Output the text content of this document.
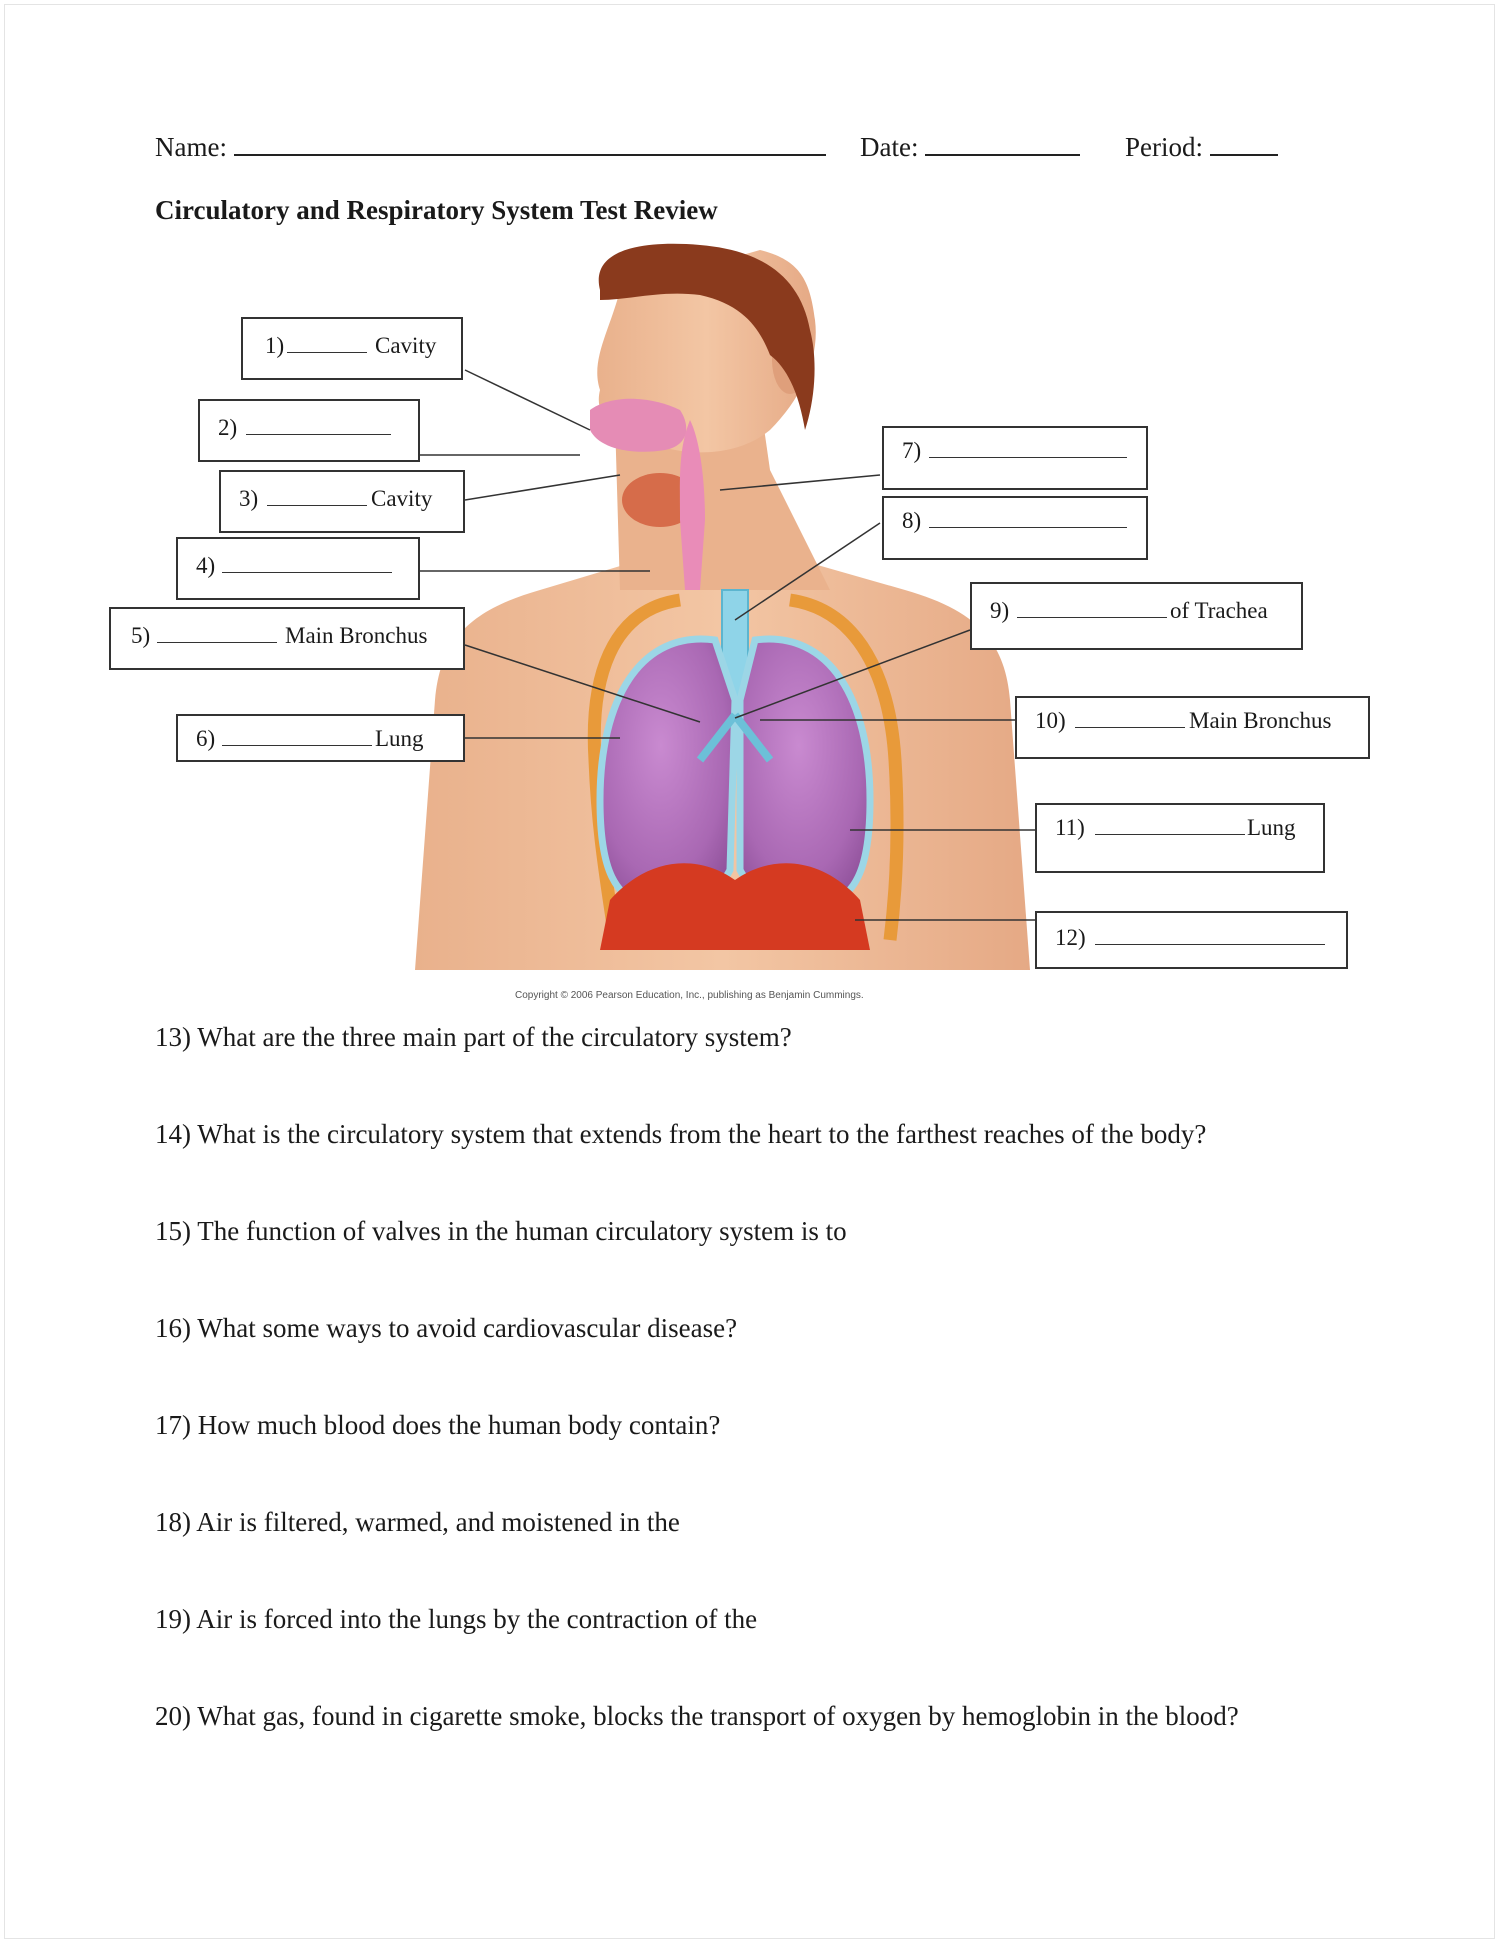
Name:	Date:	Period:
Circulatory and Respiratory System Test Review
1)	Cavity
2)
3)	Cavity
4)
5)	Main Bronchus
6)	Lung
7)
8)
9)	of Trachea
10)	Main Bronchus
11)	Lung
12)
Copyright © 2006 Pearson Education, Inc., publishing as Benjamin Cummings.
13) What are the three main part of the circulatory system?
14) What is the circulatory system that extends from the heart to the farthest reaches of the body?
15) The function of valves in the human circulatory system is to
16) What some ways to avoid cardiovascular disease?
17) How much blood does the human body contain?
18) Air is filtered, warmed, and moistened in the
19) Air is forced into the lungs by the contraction of the
20) What gas, found in cigarette smoke, blocks the transport of oxygen by hemoglobin in the blood?
